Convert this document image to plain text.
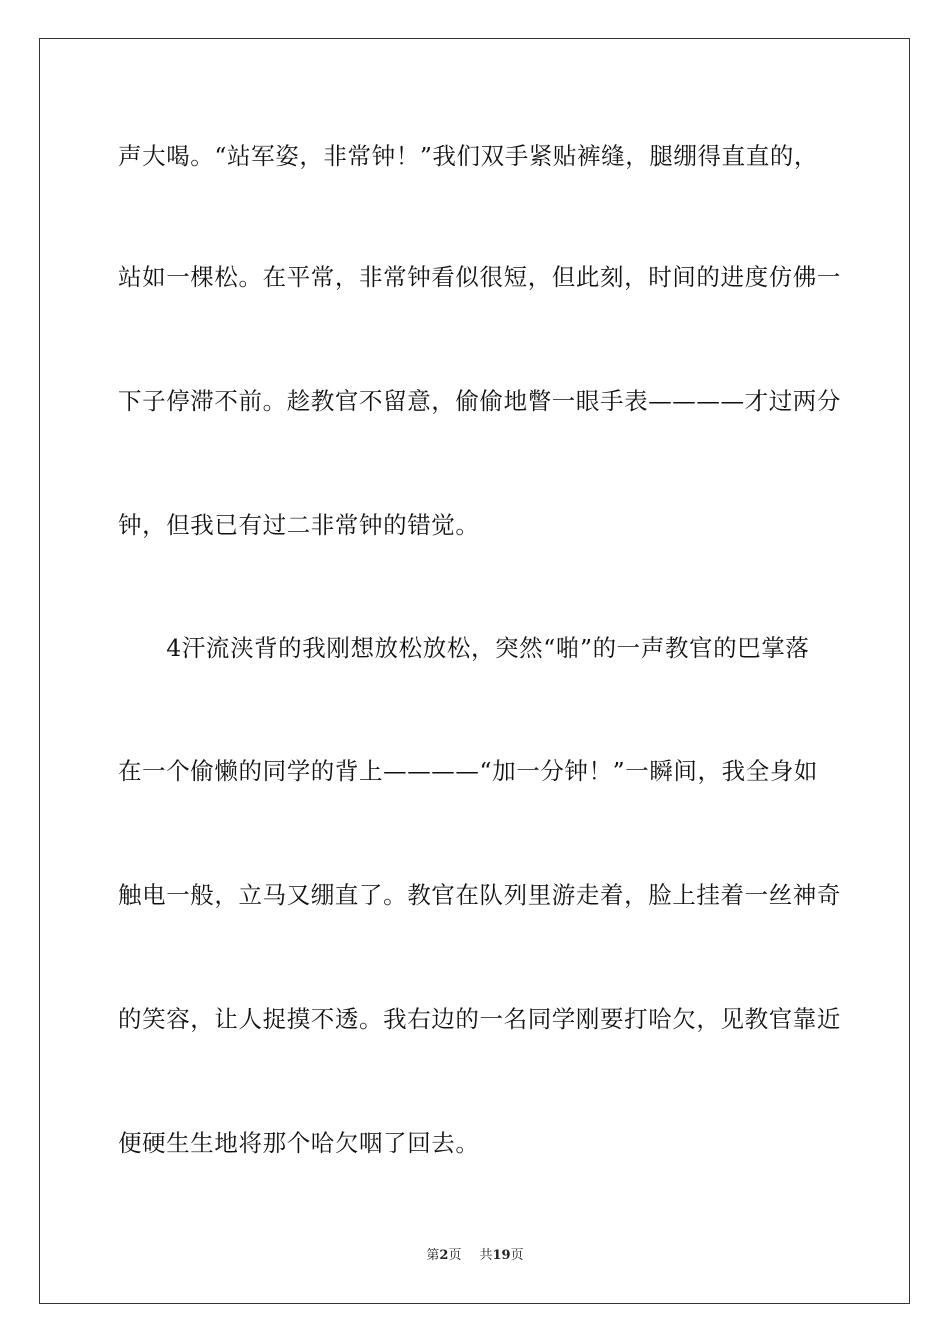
声大喝。“站军姿，非常钟！”我们双手紧贴裤缝，腿绷得直直的，
站如一棵松。在平常，非常钟看似很短，但此刻，时间的进度仿佛一
下子停滞不前。趁教官不留意，偷偷地瞥一眼手表————才过两分
钟，但我已有过二非常钟的错觉。
　　4汗流浃背的我刚想放松放松，突然“啪”的一声教官的巴掌落
在一个偷懒的同学的背上————“加一分钟！”一瞬间，我全身如
触电一般，立马又绷直了。教官在队列里游走着，脸上挂着一丝神奇
的笑容，让人捉摸不透。我右边的一名同学刚要打哈欠，见教官靠近
便硬生生地将那个哈欠咽了回去。
第2页 共19页
